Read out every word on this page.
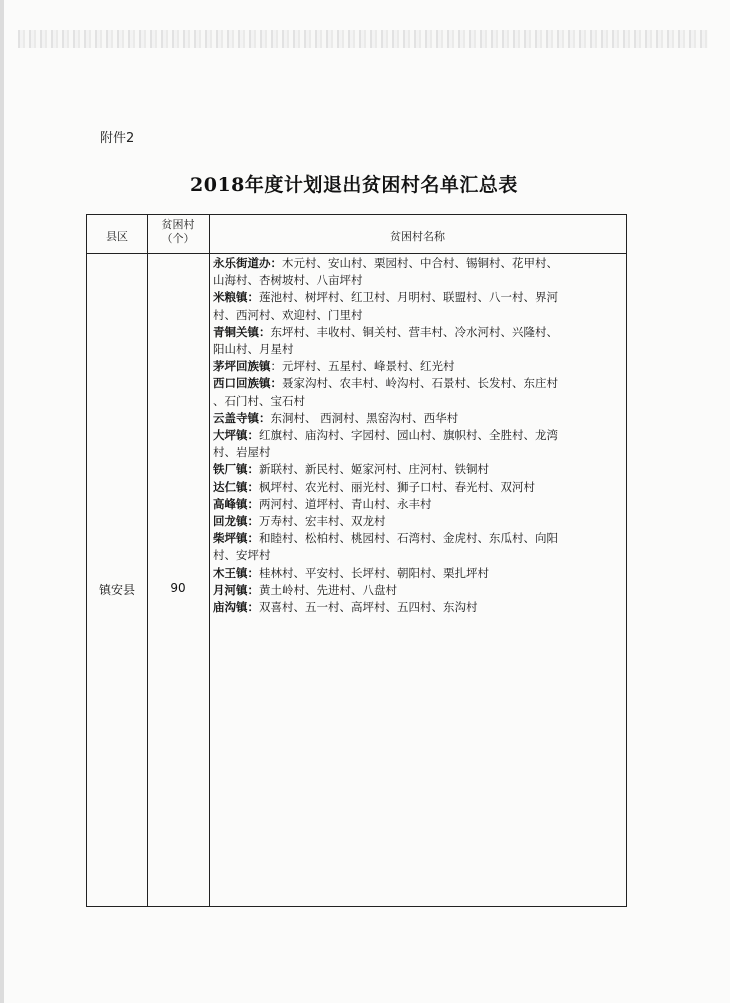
附件2
2018年度计划退出贫困村名单汇总表
县区
贫困村
（个）	贫困村名称
镇安县	90
永乐街道办：木元村、安山村、栗园村、中合村、锡铜村、花甲村、
山海村、杏树坡村、八亩坪村
米粮镇：莲池村、树坪村、红卫村、月明村、联盟村、八一村、界河
村、西河村、欢迎村、门里村
青铜关镇：东坪村、丰收村、铜关村、营丰村、冷水河村、兴隆村、
阳山村、月星村
茅坪回族镇：元坪村、五星村、峰景村、红光村
西口回族镇：聂家沟村、农丰村、岭沟村、石景村、长发村、东庄村
、石门村、宝石村
云盖寺镇：东洞村、 西洞村、黑窑沟村、西华村
大坪镇：红旗村、庙沟村、字园村、园山村、旗帜村、全胜村、龙湾
村、岩屋村
铁厂镇：新联村、新民村、姬家河村、庄河村、铁铜村
达仁镇：枫坪村、农光村、丽光村、狮子口村、春光村、双河村
高峰镇：两河村、道坪村、青山村、永丰村
回龙镇：万寿村、宏丰村、双龙村
柴坪镇：和睦村、松柏村、桃园村、石湾村、金虎村、东瓜村、向阳
村、安坪村
木王镇：桂林村、平安村、长坪村、朝阳村、栗扎坪村
月河镇：黄土岭村、先进村、八盘村
庙沟镇：双喜村、五一村、高坪村、五四村、东沟村
